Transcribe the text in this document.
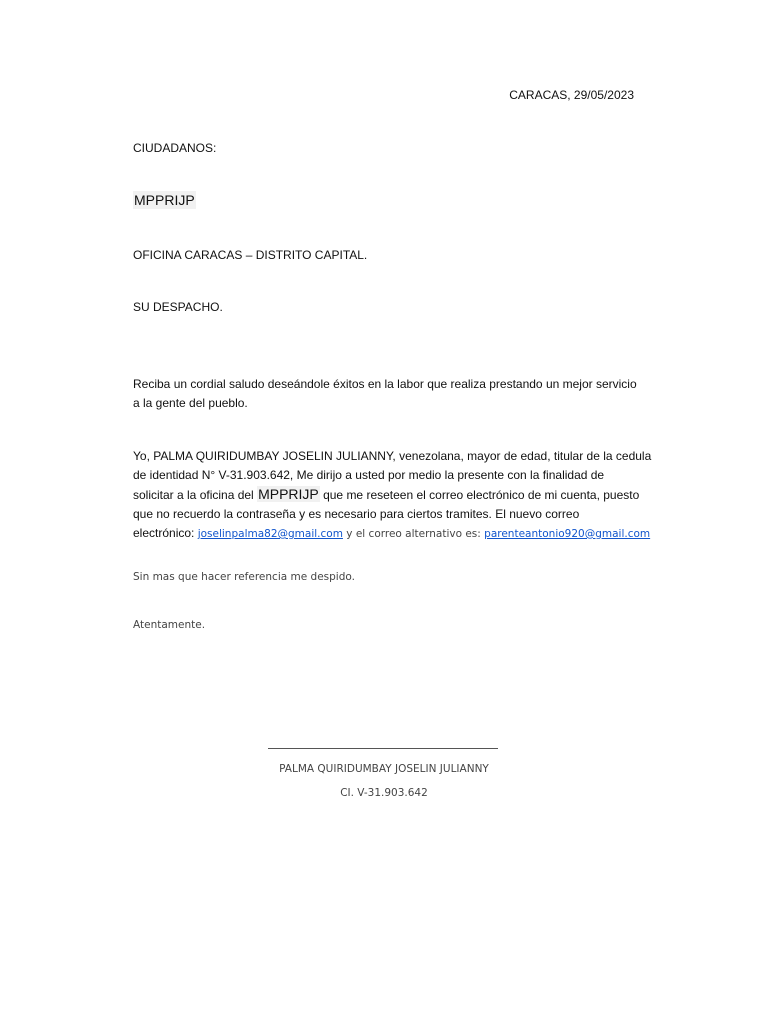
CARACAS, 29/05/2023
CIUDADANOS:
MPPRIJP
OFICINA CARACAS – DISTRITO CAPITAL.
SU DESPACHO.
Reciba un cordial saludo deseándole éxitos en la labor que realiza prestando un mejor servicio
a la gente del pueblo.
Yo, PALMA QUIRIDUMBAY JOSELIN JULIANNY, venezolana, mayor de edad, titular de la cedula
de identidad N° V-31.903.642, Me dirijo a usted por medio la presente con la finalidad de
solicitar a la oficina del MPPRIJP que me reseteen el correo electrónico de mi cuenta, puesto
que no recuerdo la contraseña y es necesario para ciertos tramites. El nuevo correo
electrónico: joselinpalma82@gmail.com y el correo alternativo es: parenteantonio920@gmail.com
Sin mas que hacer referencia me despido.
Atentamente.
PALMA QUIRIDUMBAY JOSELIN JULIANNY
CI. V-31.903.642
